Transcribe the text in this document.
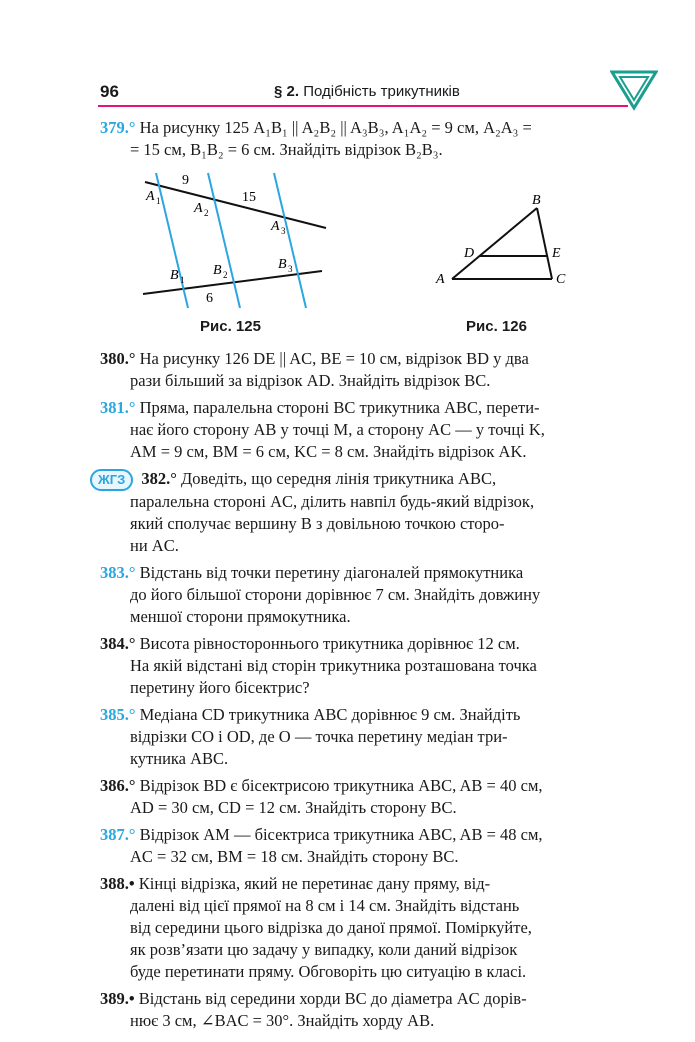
96	§ 2. Подібність трикутників
379.° На рисунку 125 A₁B₁ || A₂B₂ || A₃B₃, A₁A₂ = 9 см, A₂A₃ =

= 15 см, B₁B₂ = 6 см. Знайдіть відрізок B₂B₃.
9
15
6
A 1 A 2
A 3
B 1
B 2
B 3
Рис. 125
B
D	E
A	C
Рис. 126
380.° На рисунку 126 DE || AC, BE = 10 см, відрізок BD у два
рази більший за відрізок AD. Знайдіть відрізок BC.
381.° Пряма, паралельна стороні BC трикутника ABC, перети-
нає його сторону AB у точці M, а сторону AC — у точці K,
AM = 9 см, BM = 6 см, KC = 8 см. Знайдіть відрізок AK.
ЖГЗ 382.° Доведіть, що середня лінія трикутника ABC,
паралельна стороні AC, ділить навпіл будь-який відрізок,
який сполучає вершину B з довільною точкою сторо-
ни AC.
383.° Відстань від точки перетину діагоналей прямокутника
до його більшої сторони дорівнює 7 см. Знайдіть довжину
меншої сторони прямокутника.
384.° Висота рівностороннього трикутника дорівнює 12 см.
На якій відстані від сторін трикутника розташована точка
перетину його бісектрис?
385.° Медіана CD трикутника ABC дорівнює 9 см. Знайдіть
відрізки CO і OD, де O — точка перетину медіан три-
кутника ABC.
386.° Відрізок BD є бісектрисою трикутника ABC, AB = 40 см,
AD = 30 см, CD = 12 см. Знайдіть сторону BC.
387.° Відрізок AM — бісектриса трикутника ABC, AB = 48 см,
AC = 32 см, BM = 18 см. Знайдіть сторону BC.
388.• Кінці відрізка, який не перетинає дану пряму, від-
далені від цієї прямої на 8 см і 14 см. Знайдіть відстань
від середини цього відрізка до даної прямої. Поміркуйте,
як розв’язати цю задачу у випадку, коли даний відрізок
буде перетинати пряму. Обговоріть цю ситуацію в класі.
389.• Відстань від середини хорди BC до діаметра AC дорів-
нює 3 см, ∠BAC = 30°. Знайдіть хорду AB.
